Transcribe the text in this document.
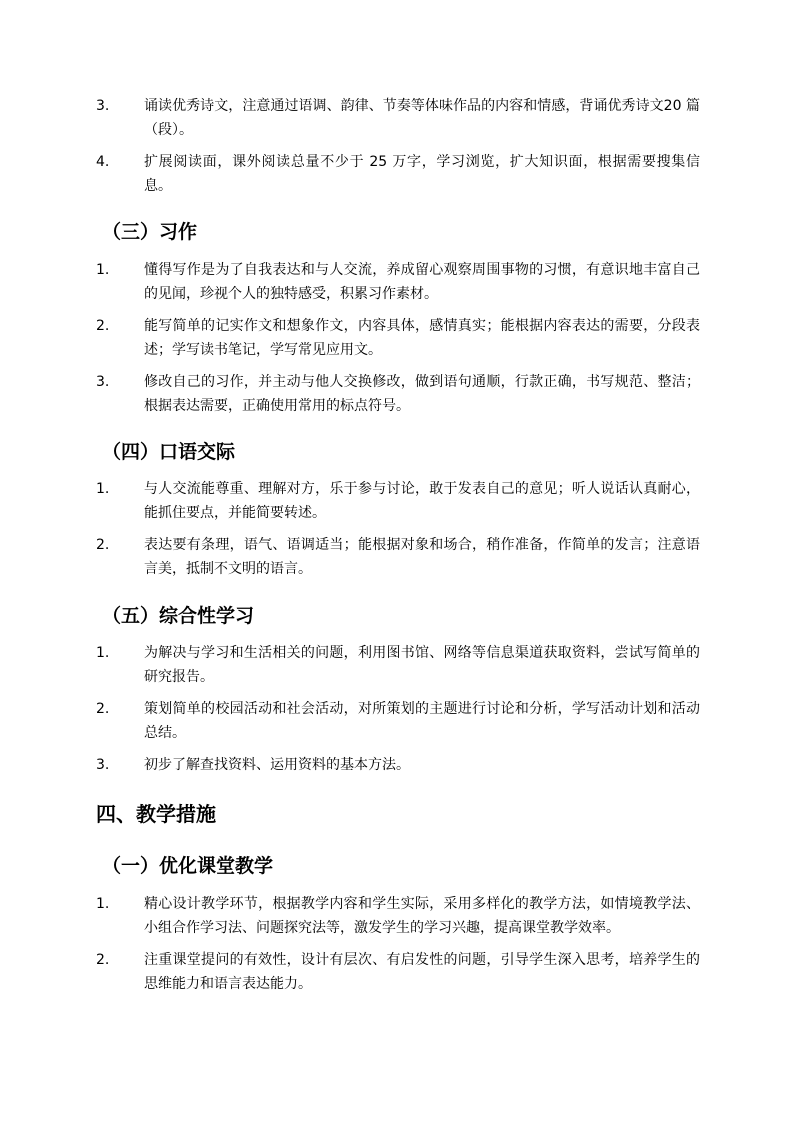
3.	诵读优秀诗文，注意通过语调、韵律、节奏等体味作品的内容和情感，背诵优秀诗文20 篇（段）。
4.	扩展阅读面，课外阅读总量不少于 25 万字，学习浏览，扩大知识面，根据需要搜集信息。
（三）习作
1.	懂得写作是为了自我表达和与人交流，养成留心观察周围事物的习惯，有意识地丰富自己的见闻，珍视个人的独特感受，积累习作素材。
2.	能写简单的记实作文和想象作文，内容具体，感情真实；能根据内容表达的需要，分段表述；学写读书笔记，学写常见应用文。
3.	修改自己的习作，并主动与他人交换修改，做到语句通顺，行款正确，书写规范、整洁；根据表达需要，正确使用常用的标点符号。
（四）口语交际
1.	与人交流能尊重、理解对方，乐于参与讨论，敢于发表自己的意见；听人说话认真耐心，能抓住要点，并能简要转述。
2.	表达要有条理，语气、语调适当；能根据对象和场合，稍作准备，作简单的发言；注意语言美，抵制不文明的语言。
（五）综合性学习
1.	为解决与学习和生活相关的问题，利用图书馆、网络等信息渠道获取资料，尝试写简单的研究报告。
2.	策划简单的校园活动和社会活动，对所策划的主题进行讨论和分析，学写活动计划和活动总结。
3.	初步了解查找资料、运用资料的基本方法。
四、教学措施
（一）优化课堂教学
1.	精心设计教学环节，根据教学内容和学生实际，采用多样化的教学方法，如情境教学法、小组合作学习法、问题探究法等，激发学生的学习兴趣，提高课堂教学效率。
2.	注重课堂提问的有效性，设计有层次、有启发性的问题，引导学生深入思考，培养学生的思维能力和语言表达能力。
